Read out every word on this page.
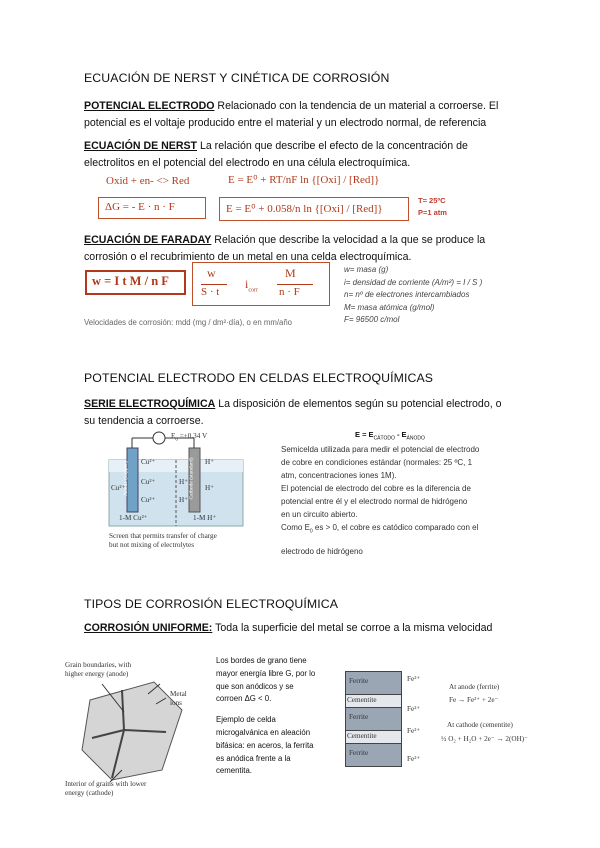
ECUACIÓN DE NERST Y CINÉTICA DE CORROSIÓN
POTENCIAL ELECTRODO Relacionado con la tendencia de un material a corroerse. El
potencial es el voltaje producido entre el material y un electrodo normal, de referencia
ECUACIÓN DE NERST La relación que describe el efecto de la concentración de
electrolitos en el potencial del electrodo en una célula electroquímica.
Oxid + en- <> Red	E = E⁰ + RT/nF ln {[Oxi] / [Red]}
ΔG = - E · n · F	E = E⁰ + 0.058/n ln {[Oxi] / [Red]}
T= 25ºC
P=1 atm
ECUACIÓN DE FARADAY Relación que describe la velocidad a la que se produce la
corrosión o el recubrimiento de un metal en una celda electroquímica.
w = I t M / n F
w
S · t
$i_{corr}$
M
n · F
w= masa (g)
i= densidad de corriente (A/m²) = I / S )
n= nº de electrones intercambiados
M= masa atómica (g/mol)
F= 96500 c/mol
Velocidades de corrosión: mdd (mg / dm²·día), o en mm/año
POTENCIAL ELECTRODO EN CELDAS ELECTROQUÍMICAS
SERIE ELECTROQUÍMICA La disposición de elementos según su potencial electrodo, o
su tendencia a corroerse.
$E = E_{CÁTODO} - E_{ÁNODO}$
$E_o =+0.34$ V
Anode (copper)	Cathode (standard)
Cu²⁺
Cu²⁺
Cu²⁺
Cu²⁺
H⁺
H⁺
H⁺
H⁺
1-M Cu²⁺	1-M H⁺
Screen that permits transfer of charge but not mixing of electrolytes
Semicelda utilizada para medir el potencial de electrodo
de cobre en condiciones estándar (normales: 25 ºC, 1
atm, concentraciones iones 1M).
El potencial de electrodo del cobre es la diferencia de
potencial entre él y el electrodo normal de hidrógeno
en un circuito abierto.
Como $E_0$ es > 0, el cobre es catódico comparado con el
electrodo de hidrógeno
TIPOS DE CORROSIÓN ELECTROQUÍMICA
CORROSIÓN UNIFORME: Toda la superficie del metal se corroe a la misma velocidad
Grain boundaries, with higher energy (anode)
Metal ions
Interior of grains with lower energy (cathode)
Los bordes de grano tiene
mayor energía libre G, por lo
que son anódicos y se
corroen ΔG < 0.
Ejemplo de celda
microgalvánica en aleación
bifásica: en aceros, la ferrita
es anódica frente a la
cementita.
Ferrite
Cementite
Ferrite
Cementite
Ferrite
Fe²⁺
Fe²⁺
Fe²⁺
Fe²⁺
At anode (ferrite)
Fe → Fe²⁺ + 2e⁻
At cathode (cementite)
½ O₂ + H₂O + 2e⁻ → 2(OH)⁻
